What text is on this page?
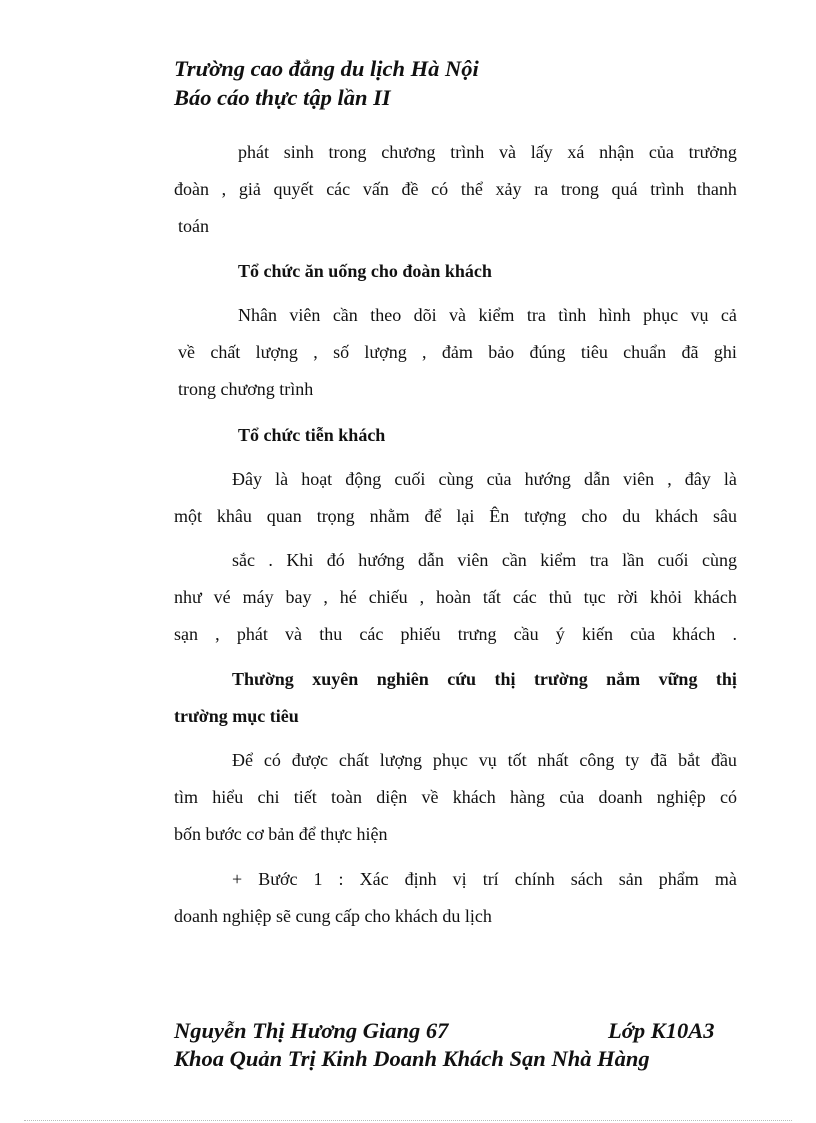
Trường cao đẳng du lịch Hà Nội
Báo cáo thực tập lần II
phát sinh trong chương trình và lấy xá nhận của trưởng
đoàn , giả quyết các vấn đề có thể xảy ra trong quá trình thanh
toán
Tổ chức ăn uống cho đoàn khách
Nhân viên cần theo dõi và kiểm tra tình hình phục vụ cả
về chất lượng , số lượng , đảm bảo đúng tiêu chuẩn đã ghi
trong chương trình
Tổ chức tiễn khách
Đây là hoạt động cuối cùng của hướng dẫn viên , đây là
một khâu quan trọng nhằm để lại Ên tượng cho du khách sâu
sắc . Khi đó hướng dẫn viên cần kiểm tra lần cuối cùng
như vé máy bay , hé chiếu , hoàn tất các thủ tục rời khỏi khách
sạn , phát và thu các phiếu trưng cầu ý kiến của khách .
Thường xuyên nghiên cứu thị trường nắm vững thị
trường mục tiêu
Để có được chất lượng phục vụ tốt nhất công ty đã bắt đầu
tìm hiểu chi tiết toàn diện về khách hàng của doanh nghiệp có
bốn bước cơ bản để thực hiện
+ Bước 1 : Xác định vị trí chính sách sản phẩm mà
doanh nghiệp sẽ cung cấp cho khách du lịch
Nguyễn Thị Hương Giang 67	Lớp K10A3
Khoa Quản Trị Kinh Doanh Khách Sạn Nhà Hàng
